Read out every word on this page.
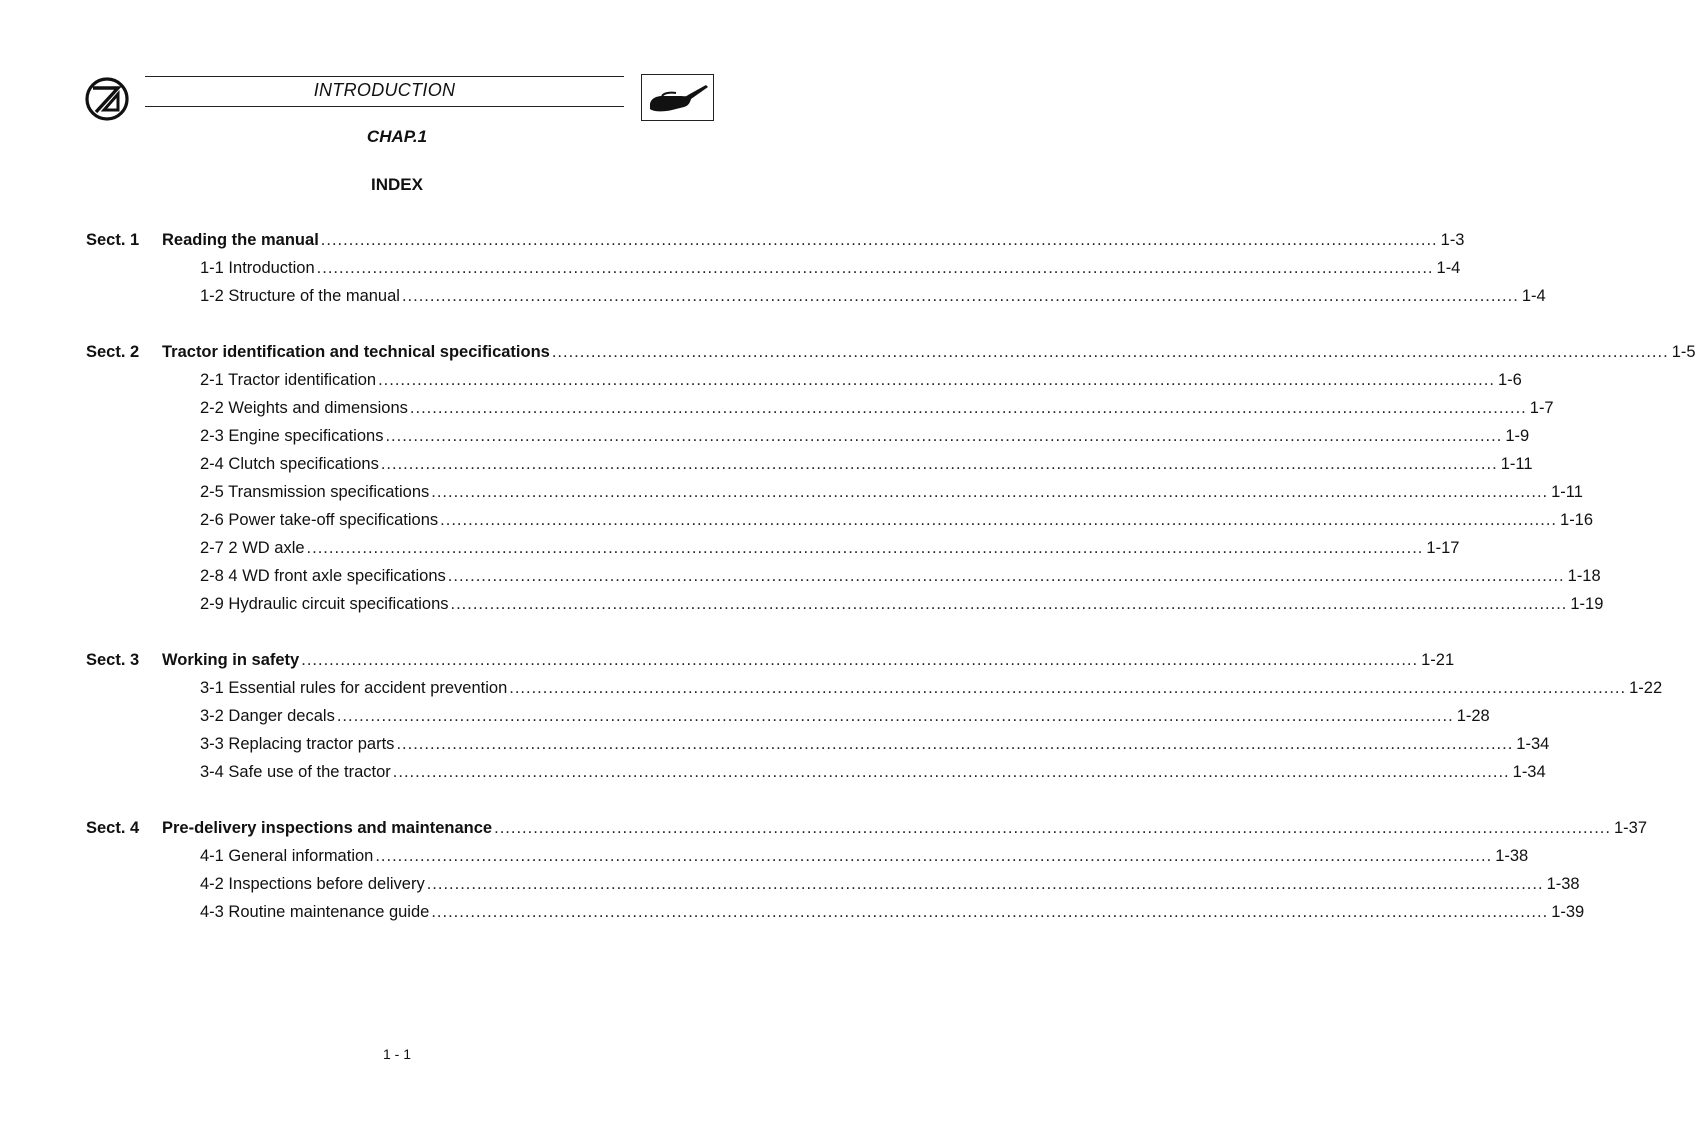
INTRODUCTION
CHAP.1
INDEX
Sect. 1 Reading the manual ........................................................................................................................................................................................................ 1-3
1-1 Introduction ........................................................................................................................................................................................................ 1-4
1-2 Structure of the manual ........................................................................................................................................................................................................ 1-4
Sect. 2 Tractor identification and technical specifications ........................................................................................................................................................................................................ 1-5
2-1 Tractor identification ........................................................................................................................................................................................................ 1-6
2-2 Weights and dimensions ........................................................................................................................................................................................................ 1-7
2-3 Engine specifications ........................................................................................................................................................................................................ 1-9
2-4 Clutch specifications ........................................................................................................................................................................................................ 1-11
2-5 Transmission specifications ........................................................................................................................................................................................................ 1-11
2-6 Power take-off specifications ........................................................................................................................................................................................................ 1-16
2-7 2 WD axle ........................................................................................................................................................................................................ 1-17
2-8 4 WD front axle specifications ........................................................................................................................................................................................................ 1-18
2-9 Hydraulic circuit specifications ........................................................................................................................................................................................................ 1-19
Sect. 3 Working in safety ........................................................................................................................................................................................................ 1-21
3-1 Essential rules for accident prevention ........................................................................................................................................................................................................ 1-22
3-2 Danger decals ........................................................................................................................................................................................................ 1-28
3-3 Replacing tractor parts ........................................................................................................................................................................................................ 1-34
3-4 Safe use of the tractor ........................................................................................................................................................................................................ 1-34
Sect. 4 Pre-delivery inspections and maintenance ........................................................................................................................................................................................................ 1-37
4-1 General information ........................................................................................................................................................................................................ 1-38
4-2 Inspections before delivery ........................................................................................................................................................................................................ 1-38
4-3 Routine maintenance guide ........................................................................................................................................................................................................ 1-39
1 - 1
